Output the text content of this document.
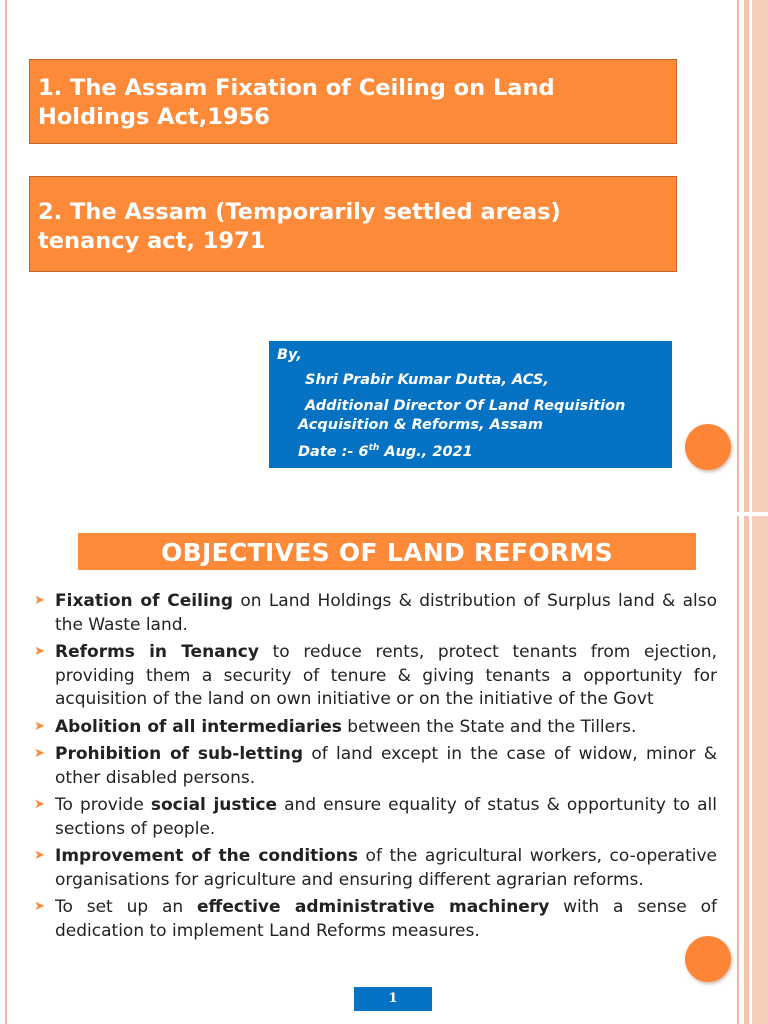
1. The Assam Fixation of Ceiling on Land
Holdings Act,1956
2. The Assam (Temporarily settled areas)
tenancy act, 1971
By,
Shri Prabir Kumar Dutta, ACS,
Additional Director Of Land Requisition
Acquisition & Reforms, Assam
Date :- 6th Aug., 2021
OBJECTIVES OF LAND REFORMS
➤ Fixation of Ceiling on Land Holdings & distribution of Surplus land & also the Waste land.
➤ Reforms in Tenancy to reduce rents, protect tenants from ejection, providing them a security of tenure & giving tenants a opportunity for acquisition of the land on own initiative or on the initiative of the Govt
➤ Abolition of all intermediaries between the State and the Tillers.
➤ Prohibition of sub-letting of land except in the case of widow, minor & other disabled persons.
➤ To provide social justice and ensure equality of status & opportunity to all sections of people.
➤ Improvement of the conditions of the agricultural workers, co-operative organisations for agriculture and ensuring different agrarian reforms.
➤ To set up an effective administrative machinery with a sense of dedication to implement Land Reforms measures.
1
